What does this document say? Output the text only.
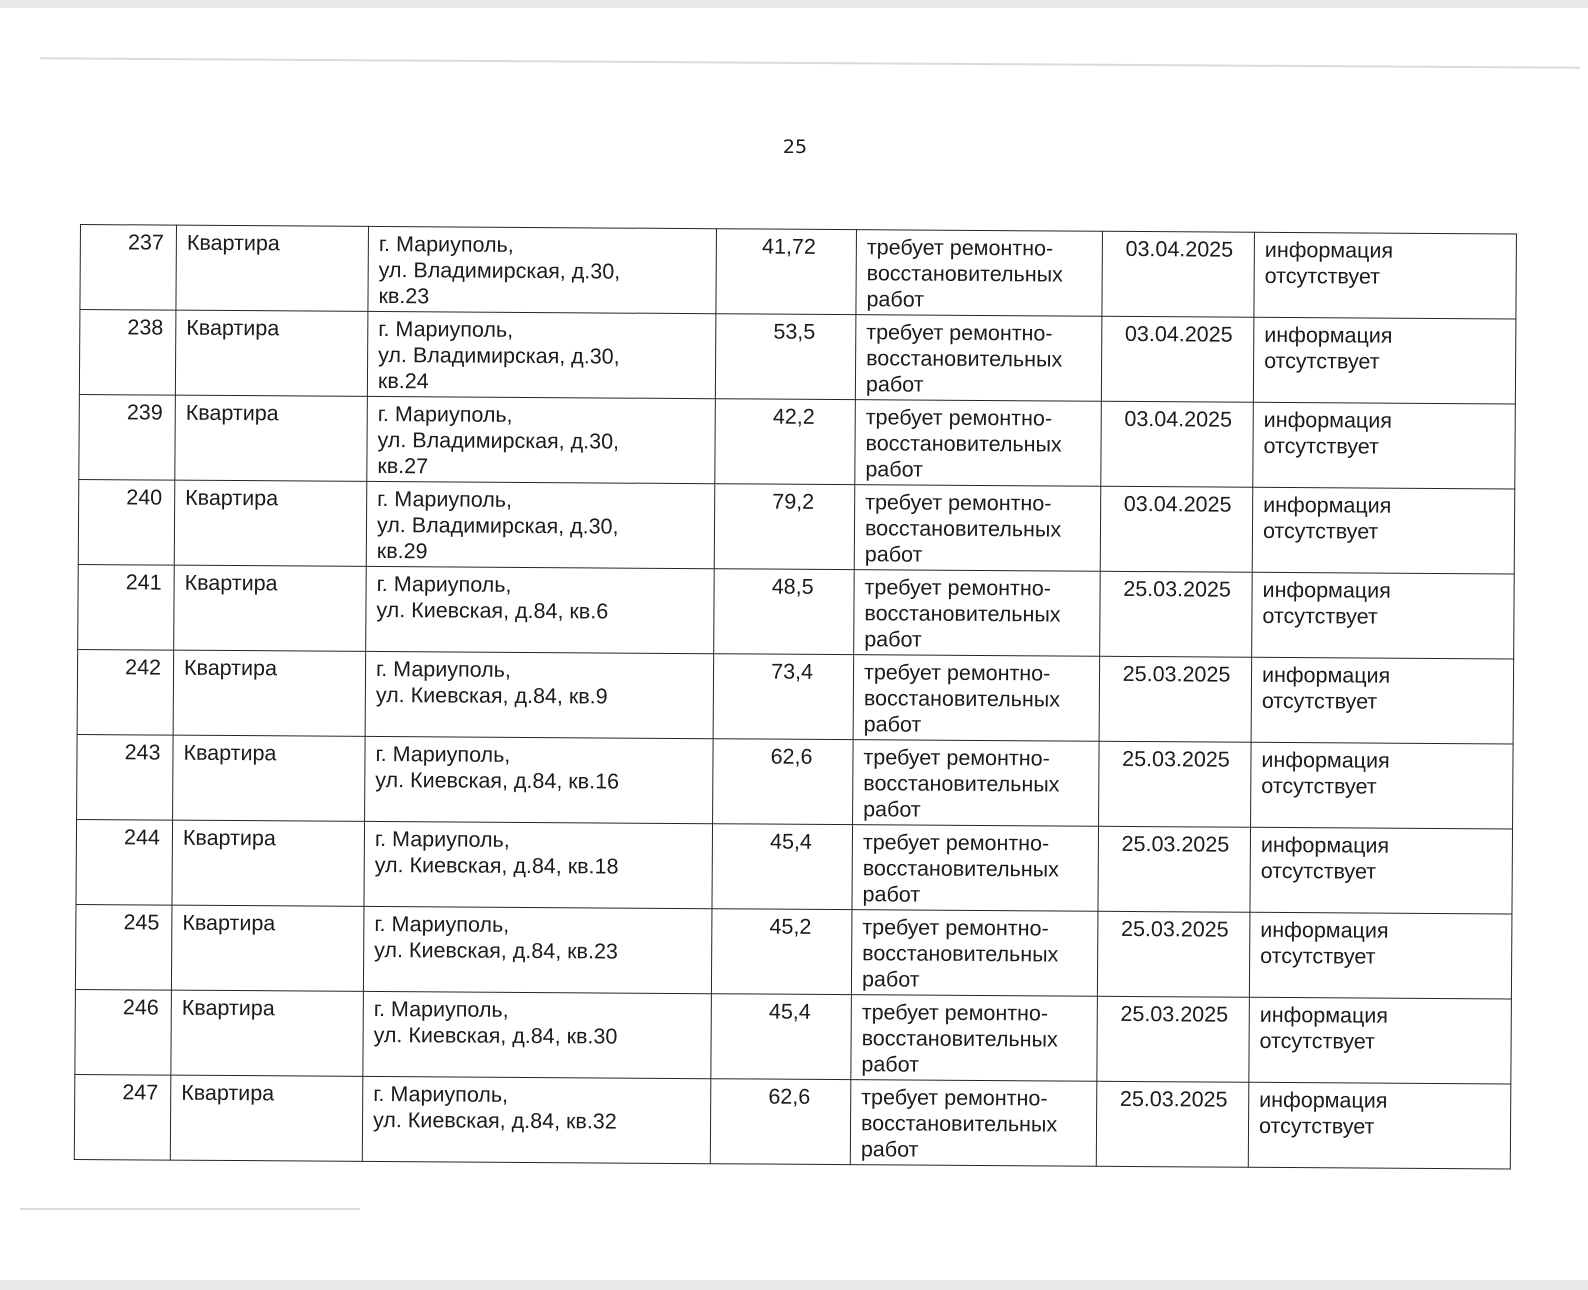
25
237	Квартира	г. Мариуполь,
ул. Владимирская, д.30,
кв.23	41,72	требует ремонтно-
восстановительных
работ	03.04.2025	информация
отсутствует

238	Квартира	г. Мариуполь,
ул. Владимирская, д.30,
кв.24	53,5	требует ремонтно-
восстановительных
работ	03.04.2025	информация
отсутствует

239	Квартира	г. Мариуполь,
ул. Владимирская, д.30,
кв.27	42,2	требует ремонтно-
восстановительных
работ	03.04.2025	информация
отсутствует

240	Квартира	г. Мариуполь,
ул. Владимирская, д.30,
кв.29	79,2	требует ремонтно-
восстановительных
работ	03.04.2025	информация
отсутствует

241	Квартира	г. Мариуполь,
ул. Киевская, д.84, кв.6	48,5	требует ремонтно-
восстановительных
работ	25.03.2025	информация
отсутствует

242	Квартира	г. Мариуполь,
ул. Киевская, д.84, кв.9	73,4	требует ремонтно-
восстановительных
работ	25.03.2025	информация
отсутствует

243	Квартира	г. Мариуполь,
ул. Киевская, д.84, кв.16	62,6	требует ремонтно-
восстановительных
работ	25.03.2025	информация
отсутствует

244	Квартира	г. Мариуполь,
ул. Киевская, д.84, кв.18	45,4	требует ремонтно-
восстановительных
работ	25.03.2025	информация
отсутствует

245	Квартира	г. Мариуполь,
ул. Киевская, д.84, кв.23	45,2	требует ремонтно-
восстановительных
работ	25.03.2025	информация
отсутствует

246	Квартира	г. Мариуполь,
ул. Киевская, д.84, кв.30	45,4	требует ремонтно-
восстановительных
работ	25.03.2025	информация
отсутствует

247	Квартира	г. Мариуполь,
ул. Киевская, д.84, кв.32	62,6	требует ремонтно-
восстановительных
работ	25.03.2025	информация
отсутствует
